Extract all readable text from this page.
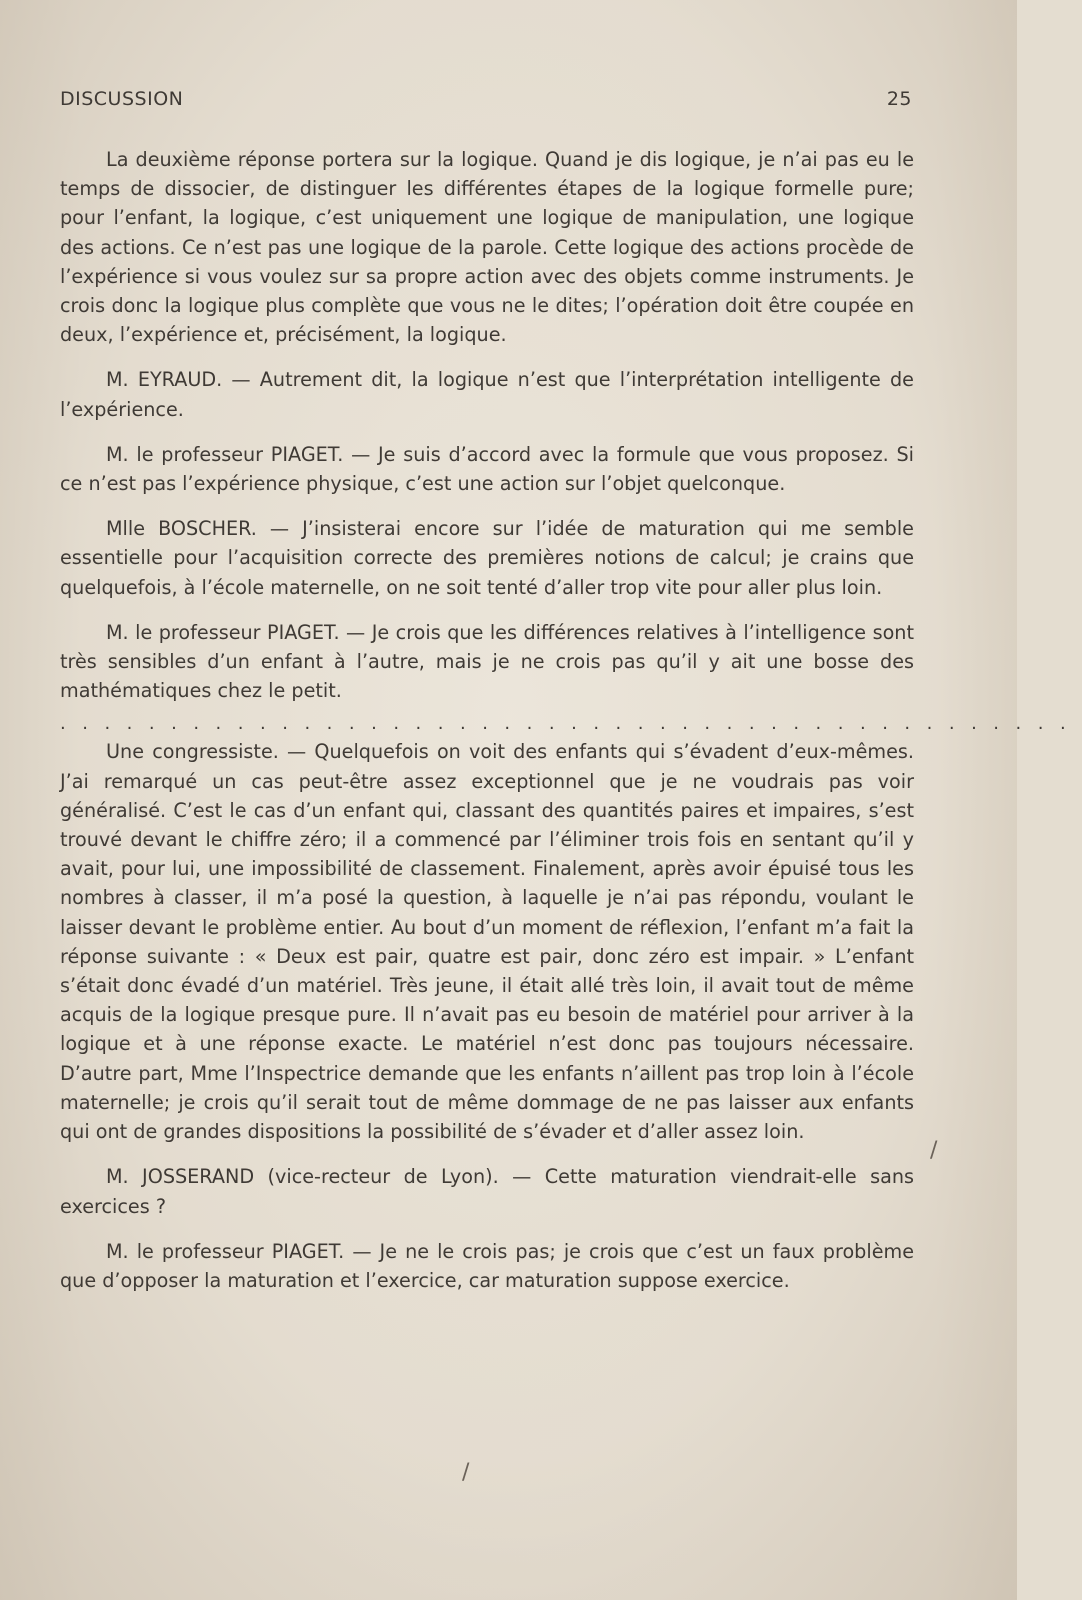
DISCUSSION	25

La deuxième réponse portera sur la logique. Quand je dis logique, je n’ai pas eu le temps de dissocier, de distinguer les différentes étapes de la logique formelle pure; pour l’enfant, la logique, c’est uniquement une logique de manipulation, une logique des actions. Ce n’est pas une logique de la parole. Cette logique des actions procède de l’expérience si vous voulez sur sa propre action avec des objets comme instruments. Je crois donc la logique plus complète que vous ne le dites; l’opération doit être coupée en deux, l’expérience et, précisément, la logique.

M. EYRAUD. — Autrement dit, la logique n’est que l’interprétation intelligente de l’expérience.

M. le professeur PIAGET. — Je suis d’accord avec la formule que vous proposez. Si ce n’est pas l’expérience physique, c’est une action sur l’objet quelconque.

Mlle BOSCHER. — J’insisterai encore sur l’idée de maturation qui me semble essentielle pour l’acquisition correcte des premières notions de calcul; je crains que quelquefois, à l’école maternelle, on ne soit tenté d’aller trop vite pour aller plus loin.

M. le professeur PIAGET. — Je crois que les différences relatives à l’intelligence sont très sensibles d’un enfant à l’autre, mais je ne crois pas qu’il y ait une bosse des mathématiques chez le petit.

..............................................

Une congressiste. — Quelquefois on voit des enfants qui s’évadent d’eux-mêmes. J’ai remarqué un cas peut-être assez exceptionnel que je ne voudrais pas voir généralisé. C’est le cas d’un enfant qui, classant des quantités paires et impaires, s’est trouvé devant le chiffre zéro; il a commencé par l’éliminer trois fois en sentant qu’il y avait, pour lui, une impossibilité de classement. Finalement, après avoir épuisé tous les nombres à classer, il m’a posé la question, à laquelle je n’ai pas répondu, voulant le laisser devant le problème entier. Au bout d’un moment de réflexion, l’enfant m’a fait la réponse suivante : « Deux est pair, quatre est pair, donc zéro est impair. » L’enfant s’était donc évadé d’un matériel. Très jeune, il était allé très loin, il avait tout de même acquis de la logique presque pure. Il n’avait pas eu besoin de matériel pour arriver à la logique et à une réponse exacte. Le matériel n’est donc pas toujours nécessaire. D’autre part, Mme l’Inspectrice demande que les enfants n’aillent pas trop loin à l’école maternelle; je crois qu’il serait tout de même dommage de ne pas laisser aux enfants qui ont de grandes dispositions la possibilité de s’évader et d’aller assez loin.

M. JOSSERAND (vice-recteur de Lyon). — Cette maturation viendrait-elle sans exercices ?

M. le professeur PIAGET. — Je ne le crois pas; je crois que c’est un faux problème que d’opposer la maturation et l’exercice, car maturation suppose exercice.

/
/
